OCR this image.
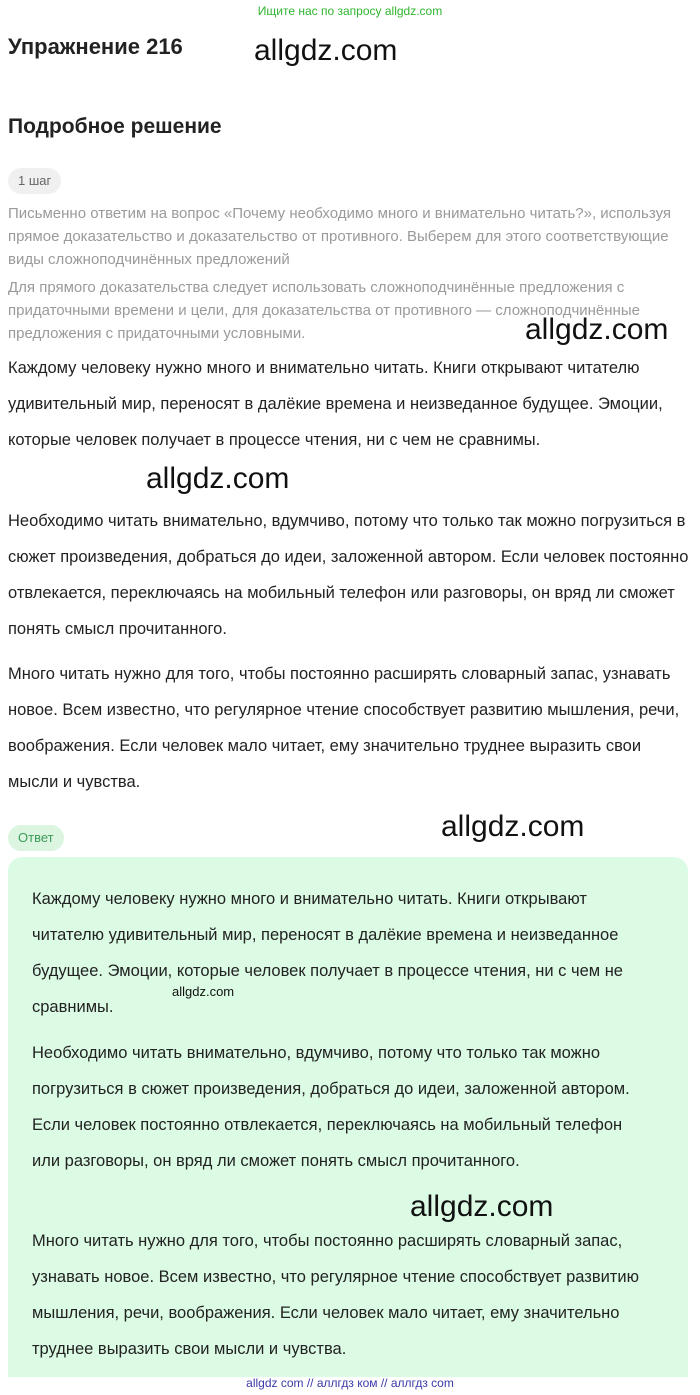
Ищите нас по запросу allgdz.com
Упражнение 216 allgdz.com
Подробное решение
1 шаг

Письменно ответим на вопрос «Почему необходимо много и внимательно читать?», используя прямое доказательство и доказательство от противного. Выберем для этого соответствующие виды сложноподчинённых предложений

Для прямого доказательства следует использовать сложноподчинённые предложения с придаточными времени и цели, для доказательства от противного — сложноподчинённые предложения с придаточными условными.	allgdz.com

Каждому человеку нужно много и внимательно читать. Книги открывают читателю удивительный мир, переносят в далёкие времена и неизведанное будущее. Эмоции, которые человек получает в процессе чтения, ни с чем не сравнимы.

allgdz.com

Необходимо читать внимательно, вдумчиво, потому что только так можно погрузиться в сюжет произведения, добраться до идеи, заложенной автором. Если человек постоянно отвлекается, переключаясь на мобильный телефон или разговоры, он вряд ли сможет понять смысл прочитанного.

Много читать нужно для того, чтобы постоянно расширять словарный запас, узнавать новое. Всем известно, что регулярное чтение способствует развитию мышления, речи, воображения. Если человек мало читает, ему значительно труднее выразить свои мысли и чувства.

Ответ	allgdz.com

Каждому человеку нужно много и внимательно читать. Книги открывают читателю удивительный мир, переносят в далёкие времена и неизведанное будущее. Эмоции, которые человек получает в процессе чтения, ни с чем не сравнимы.

allgdz.com

Необходимо читать внимательно, вдумчиво, потому что только так можно погрузиться в сюжет произведения, добраться до идеи, заложенной автором. Если человек постоянно отвлекается, переключаясь на мобильный телефон или разговоры, он вряд ли сможет понять смысл прочитанного.

allgdz.com

Много читать нужно для того, чтобы постоянно расширять словарный запас, узнавать новое. Всем известно, что регулярное чтение способствует развитию мышления, речи, воображения. Если человек мало читает, ему значительно труднее выразить свои мысли и чувства.

allgdz com // аллгдз ком // аллгдз com
